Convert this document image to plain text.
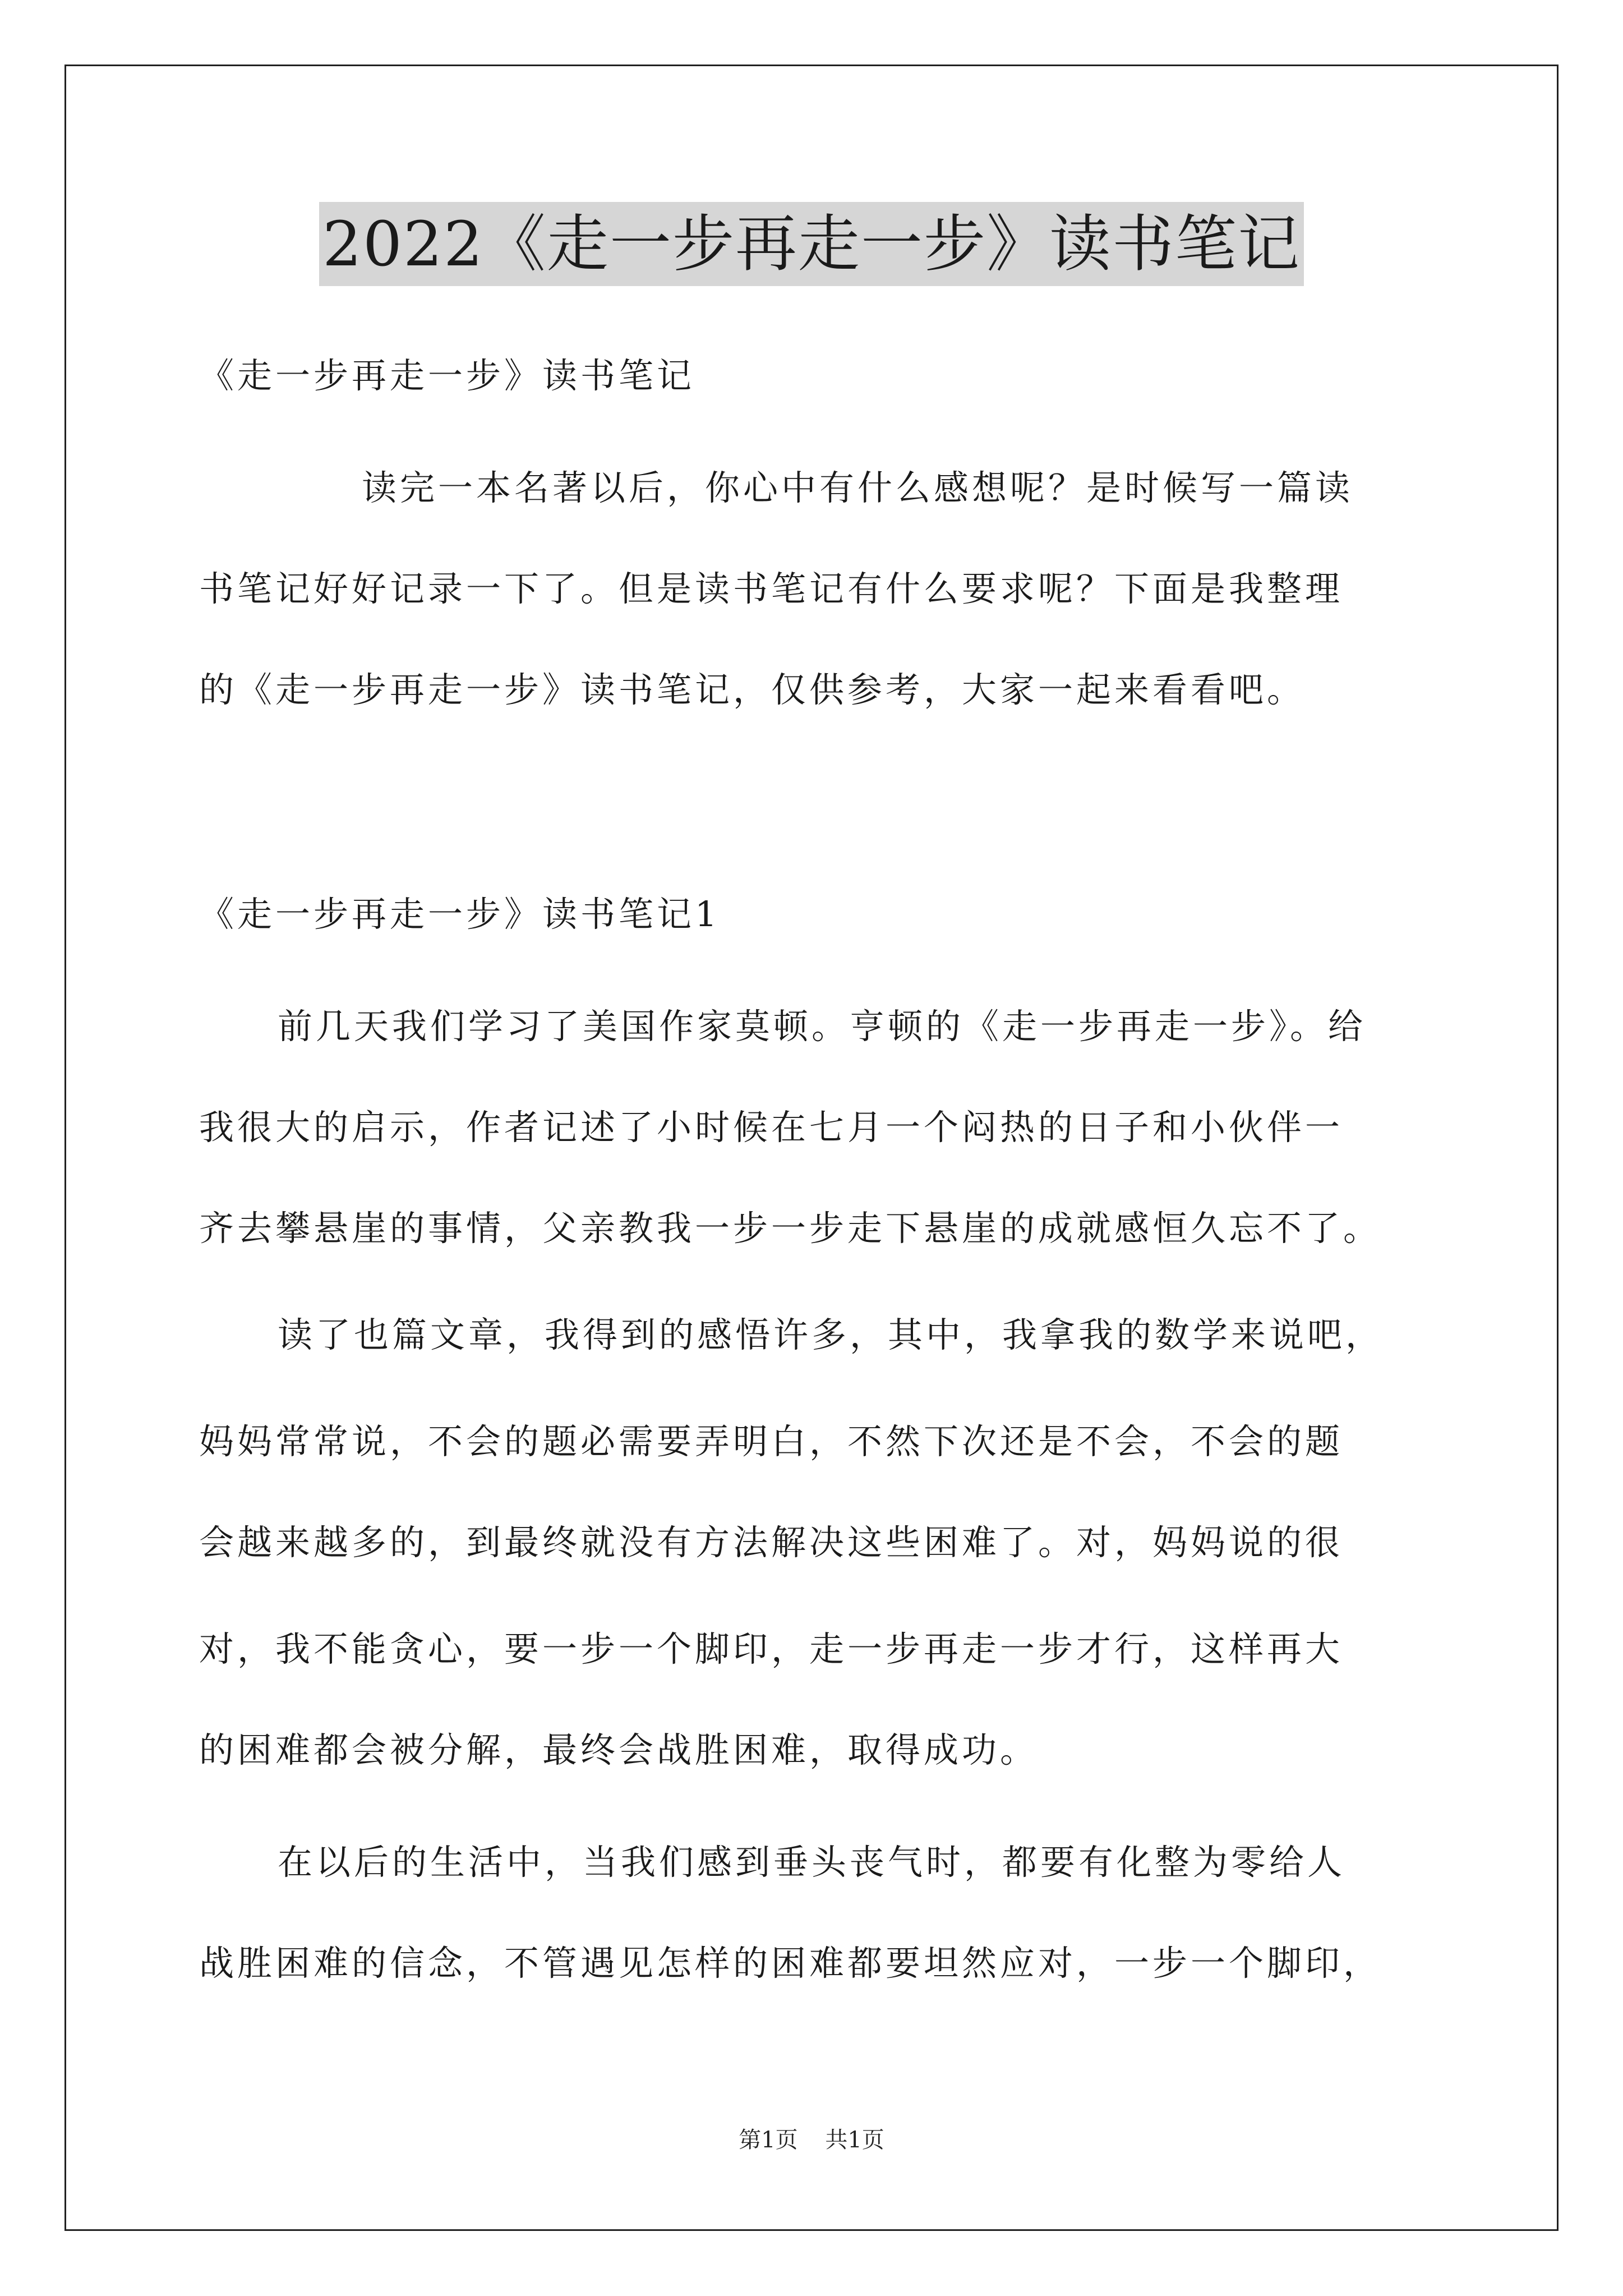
2022《走一步再走一步》读书笔记
《走一步再走一步》读书笔记
读完一本名著以后，你心中有什么感想呢？是时候写一篇读
书笔记好好记录一下了。但是读书笔记有什么要求呢？下面是我整理
的《走一步再走一步》读书笔记，仅供参考，大家一起来看看吧。
《走一步再走一步》读书笔记1
前几天我们学习了美国作家莫顿。亨顿的《走一步再走一步》。给
我很大的启示，作者记述了小时候在七月一个闷热的日子和小伙伴一
齐去攀悬崖的事情，父亲教我一步一步走下悬崖的成就感恒久忘不了。
读了也篇文章，我得到的感悟许多，其中，我拿我的数学来说吧，
妈妈常常说，不会的题必需要弄明白，不然下次还是不会，不会的题
会越来越多的，到最终就没有方法解决这些困难了。对，妈妈说的很
对，我不能贪心，要一步一个脚印，走一步再走一步才行，这样再大
的困难都会被分解，最终会战胜困难，取得成功。
在以后的生活中，当我们感到垂头丧气时，都要有化整为零给人
战胜困难的信念，不管遇见怎样的困难都要坦然应对，一步一个脚印，
第1页 共1页
